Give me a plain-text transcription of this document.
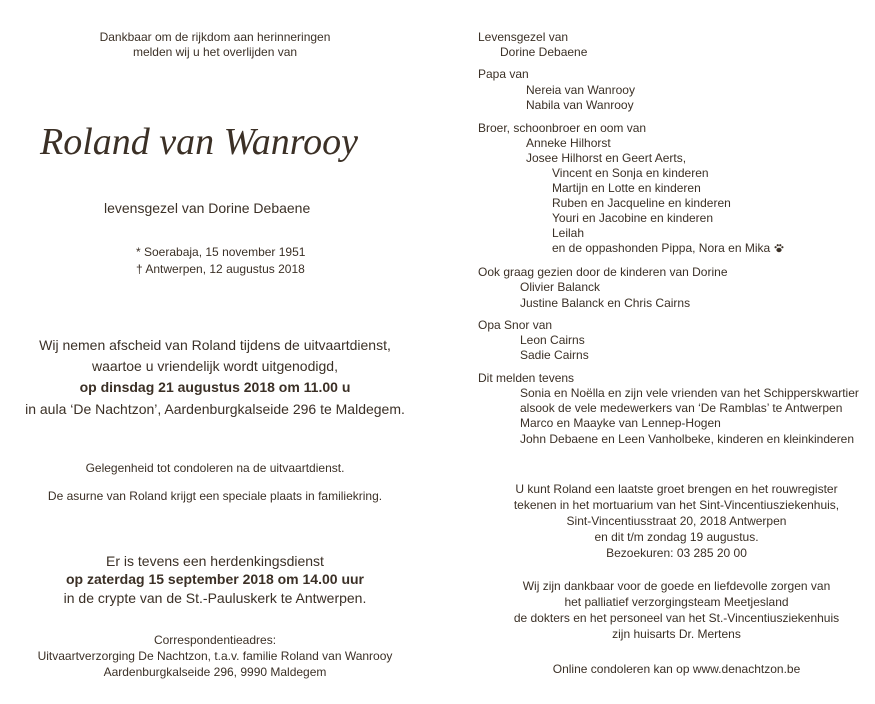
Dankbaar om de rijkdom aan herinneringen
melden wij u het overlijden van
Roland van Wanrooy
levensgezel van Dorine Debaene
* Soerabaja, 15 november 1951
† Antwerpen, 12 augustus 2018
Wij nemen afscheid van Roland tijdens de uitvaartdienst,
waartoe u vriendelijk wordt uitgenodigd,
op dinsdag 21 augustus 2018 om 11.00 u
in aula ‘De Nachtzon’, Aardenburgkalseide 296 te Maldegem.
Gelegenheid tot condoleren na de uitvaartdienst.
De asurne van Roland krijgt een speciale plaats in familiekring.
Er is tevens een herdenkingsdienst
op zaterdag 15 september 2018 om 14.00 uur
in de crypte van de St.-Pauluskerk te Antwerpen.
Correspondentieadres:
Uitvaartverzorging De Nachtzon, t.a.v. familie Roland van Wanrooy
Aardenburgkalseide 296, 9990 Maldegem
Levensgezel van
Dorine Debaene
Papa van
Nereia van Wanrooy
Nabila van Wanrooy
Broer, schoonbroer en oom van
Anneke Hilhorst
Josee Hilhorst en Geert Aerts,
Vincent en Sonja en kinderen
Martijn en Lotte en kinderen
Ruben en Jacqueline en kinderen
Youri en Jacobine en kinderen
Leilah
en de oppashonden Pippa, Nora en Mika
Ook graag gezien door de kinderen van Dorine
Olivier Balanck
Justine Balanck en Chris Cairns
Opa Snor van
Leon Cairns
Sadie Cairns
Dit melden tevens
Sonia en Noëlla en zijn vele vrienden van het Schipperskwartier
alsook de vele medewerkers van ‘De Ramblas’ te Antwerpen
Marco en Maayke van Lennep-Hogen
John Debaene en Leen Vanholbeke, kinderen en kleinkinderen
U kunt Roland een laatste groet brengen en het rouwregister
tekenen in het mortuarium van het Sint-Vincentiusziekenhuis,
Sint-Vincentiusstraat 20, 2018 Antwerpen
en dit t/m zondag 19 augustus.
Bezoekuren: 03 285 20 00
Wij zijn dankbaar voor de goede en liefdevolle zorgen van
het palliatief verzorgingsteam Meetjesland
de dokters en het personeel van het St.-Vincentiusziekenhuis
zijn huisarts Dr. Mertens
Online condoleren kan op www.denachtzon.be
